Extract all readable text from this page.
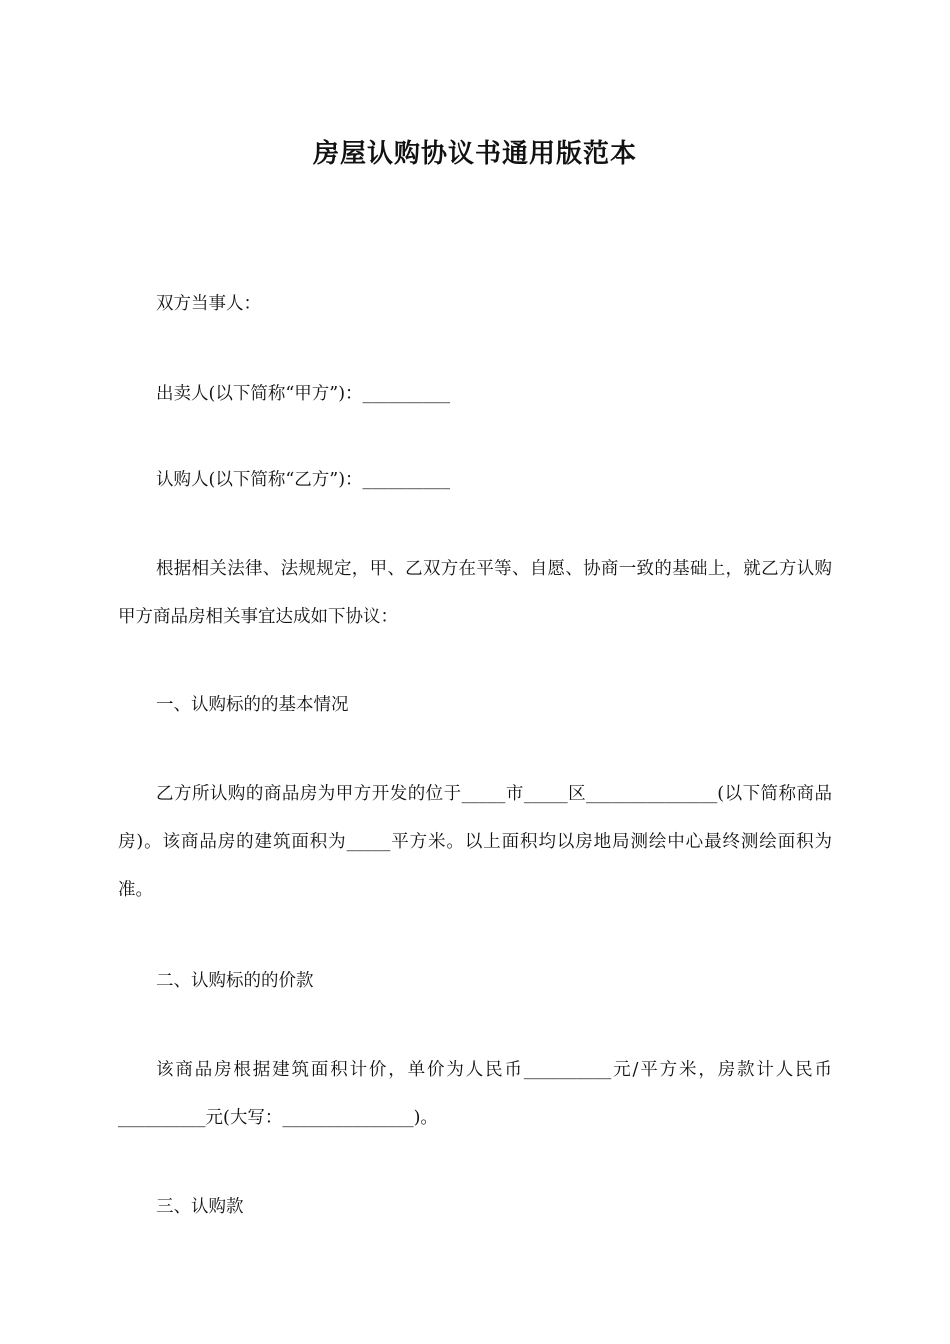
房屋认购协议书通用版范本

双方当事人：

出卖人(以下简称“甲方”)：__________

认购人(以下简称“乙方”)：__________

根据相关法律、法规规定，甲、乙双方在平等、自愿、协商一致的基础上，就乙方认购甲方商品房相关事宜达成如下协议：

一、认购标的的基本情况

乙方所认购的商品房为甲方开发的位于_____市_____区_______________(以下简称商品房)。该商品房的建筑面积为_____平方米。以上面积均以房地局测绘中心最终测绘面积为准。

二、认购标的的价款

该商品房根据建筑面积计价，单价为人民币__________元/平方米，房款计人民币__________元(大写：_______________)。

三、认购款
